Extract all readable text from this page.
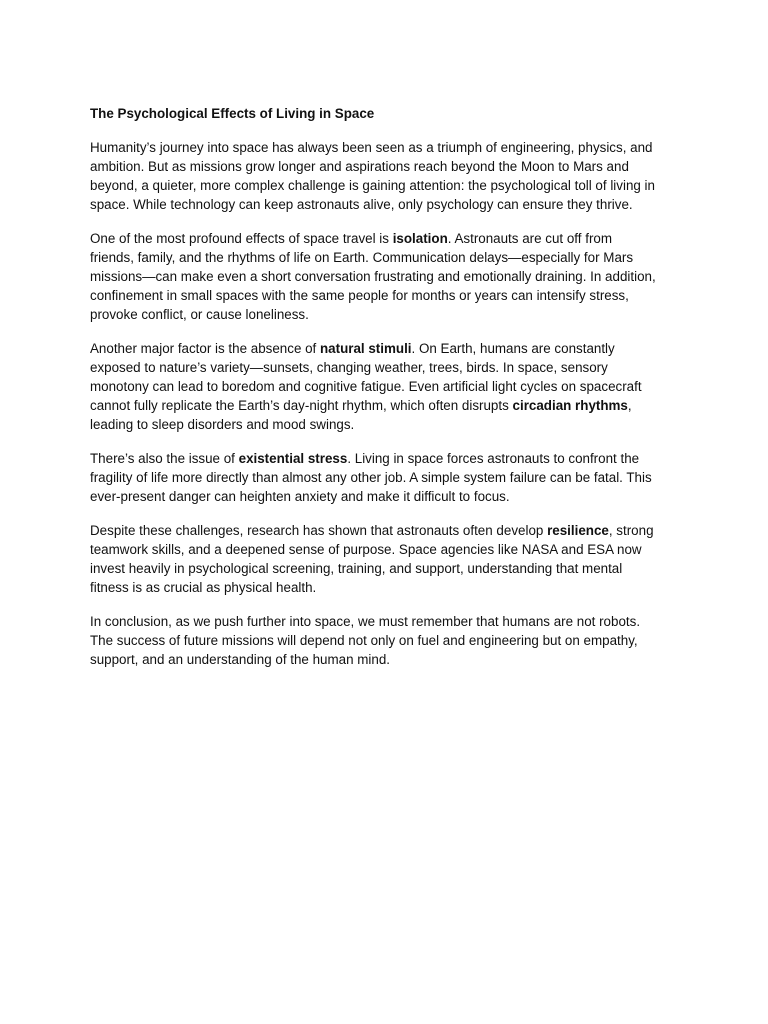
The Psychological Effects of Living in Space
Humanity’s journey into space has always been seen as a triumph of engineering, physics, and
ambition. But as missions grow longer and aspirations reach beyond the Moon to Mars and
beyond, a quieter, more complex challenge is gaining attention: the psychological toll of living in
space. While technology can keep astronauts alive, only psychology can ensure they thrive.
One of the most profound effects of space travel is isolation. Astronauts are cut off from
friends, family, and the rhythms of life on Earth. Communication delays—especially for Mars
missions—can make even a short conversation frustrating and emotionally draining. In addition,
confinement in small spaces with the same people for months or years can intensify stress,
provoke conflict, or cause loneliness.
Another major factor is the absence of natural stimuli. On Earth, humans are constantly
exposed to nature’s variety—sunsets, changing weather, trees, birds. In space, sensory
monotony can lead to boredom and cognitive fatigue. Even artificial light cycles on spacecraft
cannot fully replicate the Earth’s day-night rhythm, which often disrupts circadian rhythms,
leading to sleep disorders and mood swings.
There’s also the issue of existential stress. Living in space forces astronauts to confront the
fragility of life more directly than almost any other job. A simple system failure can be fatal. This
ever-present danger can heighten anxiety and make it difficult to focus.
Despite these challenges, research has shown that astronauts often develop resilience, strong
teamwork skills, and a deepened sense of purpose. Space agencies like NASA and ESA now
invest heavily in psychological screening, training, and support, understanding that mental
fitness is as crucial as physical health.
In conclusion, as we push further into space, we must remember that humans are not robots.
The success of future missions will depend not only on fuel and engineering but on empathy,
support, and an understanding of the human mind.
